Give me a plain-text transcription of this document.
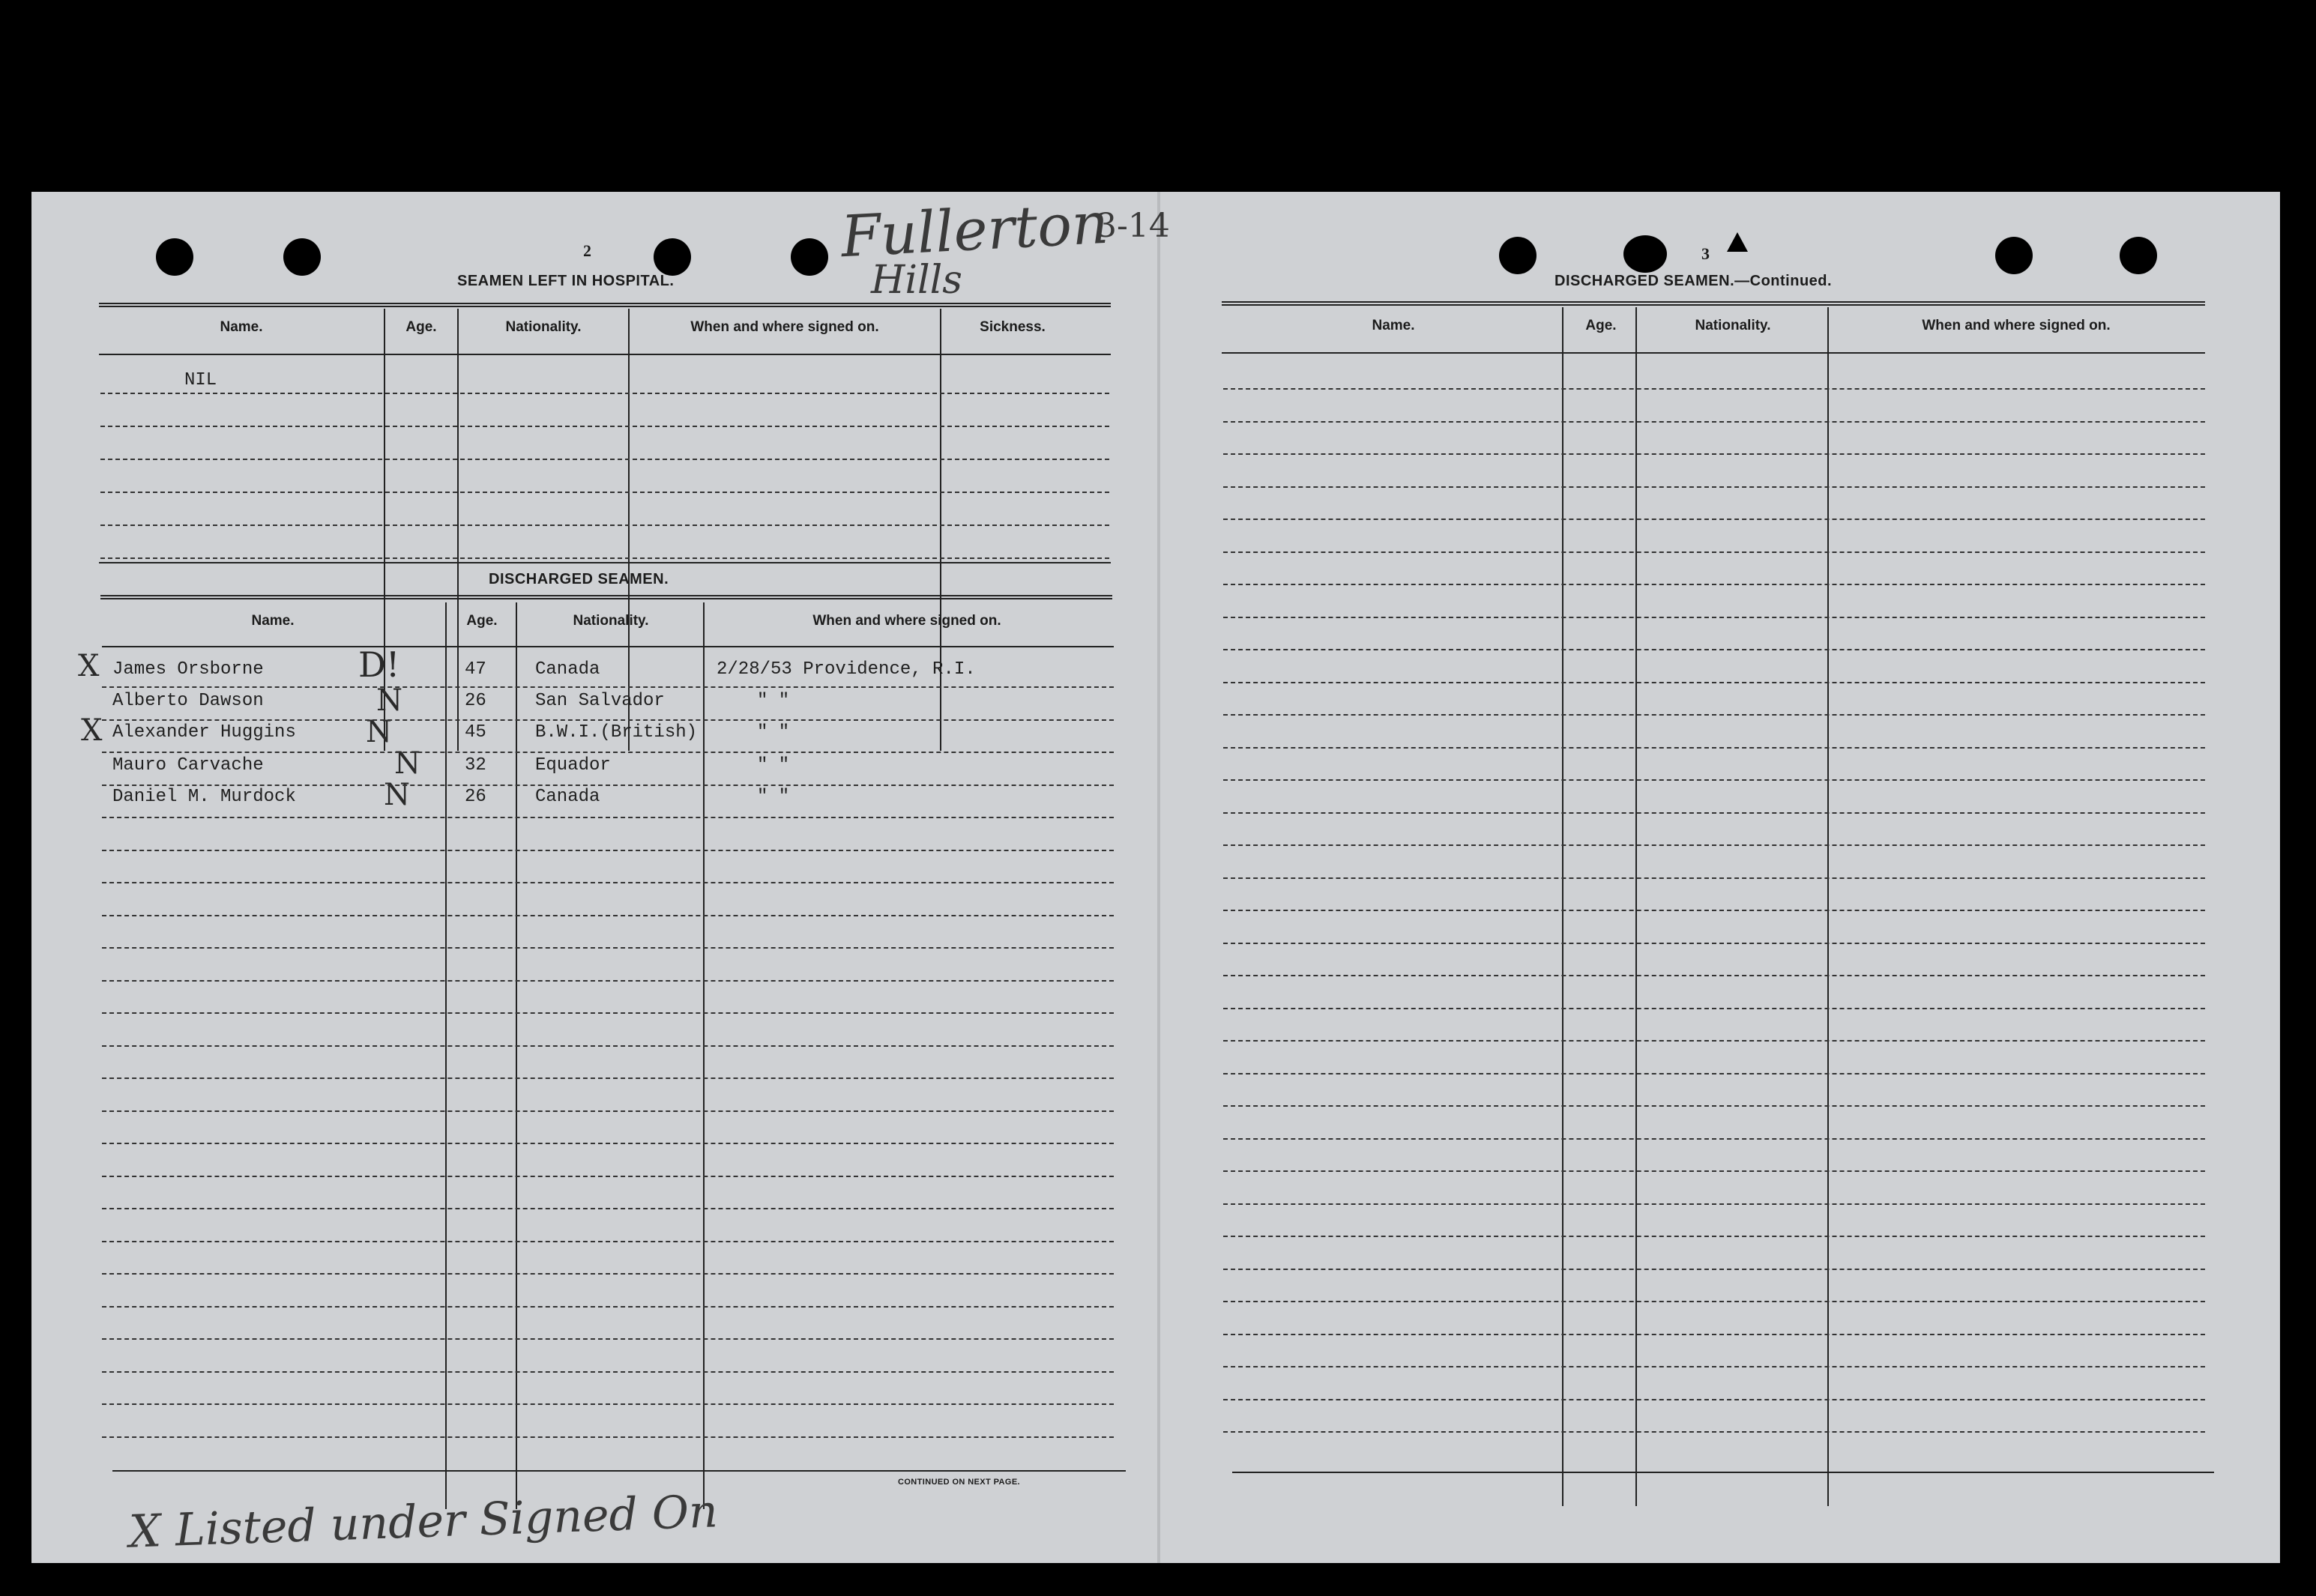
2
SEAMEN LEFT IN HOSPITAL.
Name.	Age.	Nationality.	When and where signed on.	Sickness.
NIL
DISCHARGED SEAMEN.
Name.	Age.	Nationality.	When and where signed on.
X James Orsborne	D!	47	Canada	2/28/53 Providence, R.I.
Alberto Dawson	N	26	San Salvador	" "
X Alexander Huggins N	45	B.W.I.(British)	" "
Mauro Carvache	N 32	Equador	" "
Daniel M. Murdock	N	26	Canada	" "
CONTINUED ON NEXT PAGE.
3
DISCHARGED SEAMEN.—Continued.
Name.	Age.	Nationality.	When and where signed on.
Fullerton
Hills
3-14
X Listed under Signed On
